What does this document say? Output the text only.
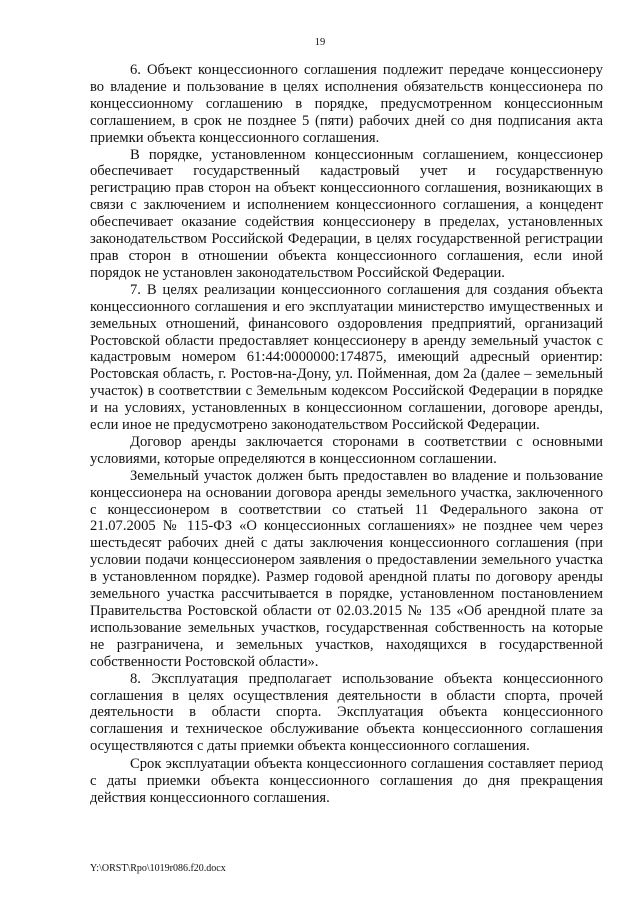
19

6. Объект концессионного соглашения подлежит передаче концессионеру во владение и пользование в целях исполнения обязательств концессионера по концессионному соглашению в порядке, предусмотренном концессионным соглашением, в срок не позднее 5 (пяти) рабочих дней со дня подписания акта приемки объекта концессионного соглашения.

В порядке, установленном концессионным соглашением, концессионер обеспечивает государственный кадастровый учет и государственную регистрацию прав сторон на объект концессионного соглашения, возникающих в связи с заключением и исполнением концессионного соглашения, а концедент обеспечивает оказание содействия концессионеру в пределах, установленных законодательством Российской Федерации, в целях государственной регистрации прав сторон в отношении объекта концессионного соглашения, если иной порядок не установлен законодательством Российской Федерации.

7. В целях реализации концессионного соглашения для создания объекта концессионного соглашения и его эксплуатации министерство имущественных и земельных отношений, финансового оздоровления предприятий, организаций Ростовской области предоставляет концессионеру в аренду земельный участок с кадастровым номером 61:44:0000000:174875, имеющий адресный ориентир: Ростовская область, г. Ростов-на-Дону, ул. Пойменная, дом 2а (далее – земельный участок) в соответствии с Земельным кодексом Российской Федерации в порядке и на условиях, установленных в концессионном соглашении, договоре аренды, если иное не предусмотрено законодательством Российской Федерации.

Договор аренды заключается сторонами в соответствии с основными условиями, которые определяются в концессионном соглашении.

Земельный участок должен быть предоставлен во владение и пользование концессионера на основании договора аренды земельного участка, заключенного с концессионером в соответствии со статьей 11 Федерального закона от 21.07.2005 № 115-ФЗ «О концессионных соглашениях» не позднее чем через шестьдесят рабочих дней с даты заключения концессионного соглашения (при условии подачи концессионером заявления о предоставлении земельного участка в установленном порядке). Размер годовой арендной платы по договору аренды земельного участка рассчитывается в порядке, установленном постановлением Правительства Ростовской области от 02.03.2015 № 135 «Об арендной плате за использование земельных участков, государственная собственность на которые не разграничена, и земельных участков, находящихся в государственной собственности Ростовской области».

8. Эксплуатация предполагает использование объекта концессионного соглашения в целях осуществления деятельности в области спорта, прочей деятельности в области спорта. Эксплуатация объекта концессионного соглашения и техническое обслуживание объекта концессионного соглашения осуществляются с даты приемки объекта концессионного соглашения.

Срок эксплуатации объекта концессионного соглашения составляет период с даты приемки объекта концессионного соглашения до дня прекращения действия концессионного соглашения.

Y:\ORST\Rpo\1019r086.f20.docx
